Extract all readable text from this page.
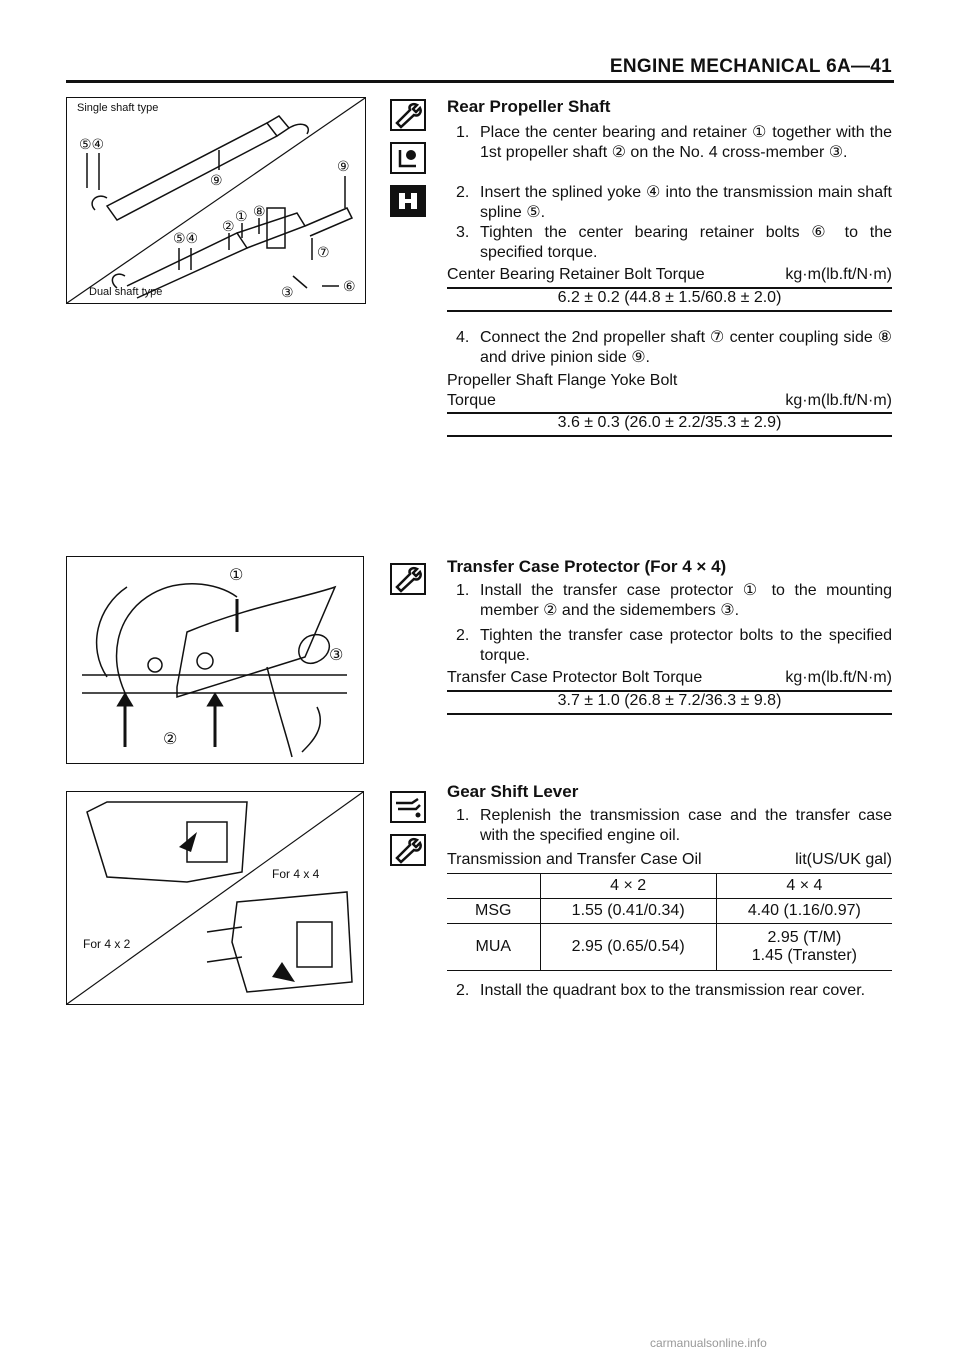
ENGINE MECHANICAL 6A—41
Single shaft type
Dual shaft type
⑤④
⑨
① ⑧
②
⑨
⑤④
⑦
③	⑥
①
③
②
For 4 x 4
For 4 x 2
Rear Propeller Shaft
1. Place the center bearing and retainer ① together with the 1st propeller shaft ② on the No. 4 cross-member ③.
2. Insert the splined yoke ④ into the transmission main shaft spline ⑤.
3. Tighten the center bearing retainer bolts ⑥ to the specified torque.
Center Bearing Retainer Bolt Torque	kg·m(lb.ft/N·m)
6.2 ± 0.2 (44.8 ± 1.5/60.8 ± 2.0)
4. Connect the 2nd propeller shaft ⑦ center coupling side ⑧ and drive pinion side ⑨.
Propeller Shaft Flange Yoke Bolt
Torque	kg·m(lb.ft/N·m)
3.6 ± 0.3 (26.0 ± 2.2/35.3 ± 2.9)
Transfer Case Protector (For 4 × 4)
1. Install the transfer case protector ① to the mounting member ② and the sidemembers ③.
2. Tighten the transfer case protector bolts to the specified torque.
Transfer Case Protector Bolt Torque	kg·m(lb.ft/N·m)
3.7 ± 1.0 (26.8 ± 7.2/36.3 ± 9.8)
Gear Shift Lever
1. Replenish the transmission case and the transfer case with the specified engine oil.
Transmission and Transfer Case Oil	lit(US/UK gal)
	4 × 2	4 × 4
MSG	1.55 (0.41/0.34)	4.40 (1.16/0.97)
MUA	2.95 (0.65/0.54)	2.95 (T/M)
1.45 (Transter)
2. Install the quadrant box to the transmission rear cover.
carmanualsonline.info
